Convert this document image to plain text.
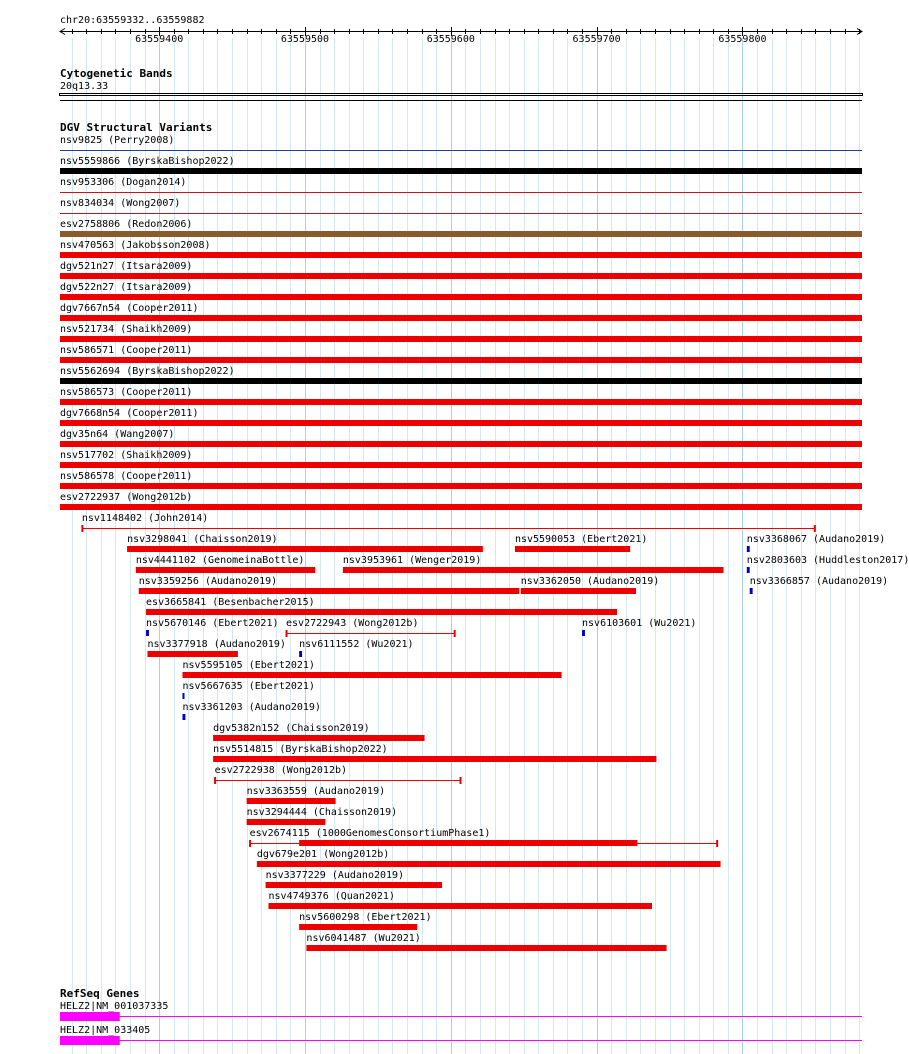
chr20:63559332..63559882
63559400	63559500	63559600	63559700	63559800
Cytogenetic Bands
20q13.33
DGV Structural Variants
RefSeq Genes
nsv9825 (Perry2008)
nsv5559866 (ByrskaBishop2022)
nsv953306 (Dogan2014)
nsv834034 (Wong2007)
esv2758806 (Redon2006)
nsv470563 (Jakobsson2008)
dgv521n27 (Itsara2009)
dgv522n27 (Itsara2009)
dgv7667n54 (Cooper2011)
nsv521734 (Shaikh2009)
nsv586571 (Cooper2011)
nsv5562694 (ByrskaBishop2022)
nsv586573 (Cooper2011)
dgv7668n54 (Cooper2011)
dgv35n64 (Wang2007)
nsv517702 (Shaikh2009)
nsv586578 (Cooper2011)
esv2722937 (Wong2012b)
nsv1148402 (John2014)
nsv3298041 (Chaisson2019)	nsv5590053 (Ebert2021)	nsv3368067 (Audano2019)
nsv4441102 (GenomeinaBottle)	nsv3953961 (Wenger2019)	nsv2803603 (Huddleston2017)
nsv3359256 (Audano2019)	nsv3362050 (Audano2019)	nsv3366857 (Audano2019)
esv3665841 (Besenbacher2015)
nsv5670146 (Ebert2021) esv2722943 (Wong2012b)	nsv6103601 (Wu2021)
nsv3377918 (Audano2019) nsv6111552 (Wu2021)
nsv5595105 (Ebert2021)
nsv5667635 (Ebert2021)
nsv3361203 (Audano2019)
dgv5382n152 (Chaisson2019)
nsv5514815 (ByrskaBishop2022)
esv2722938 (Wong2012b)
nsv3363559 (Audano2019)
nsv3294444 (Chaisson2019)
esv2674115 (1000GenomesConsortiumPhase1)
dgv679e201 (Wong2012b)
nsv3377229 (Audano2019)
nsv4749376 (Quan2021)
nsv5600298 (Ebert2021)
nsv6041487 (Wu2021)
HELZ2|NM_001037335
HELZ2|NM_033405
